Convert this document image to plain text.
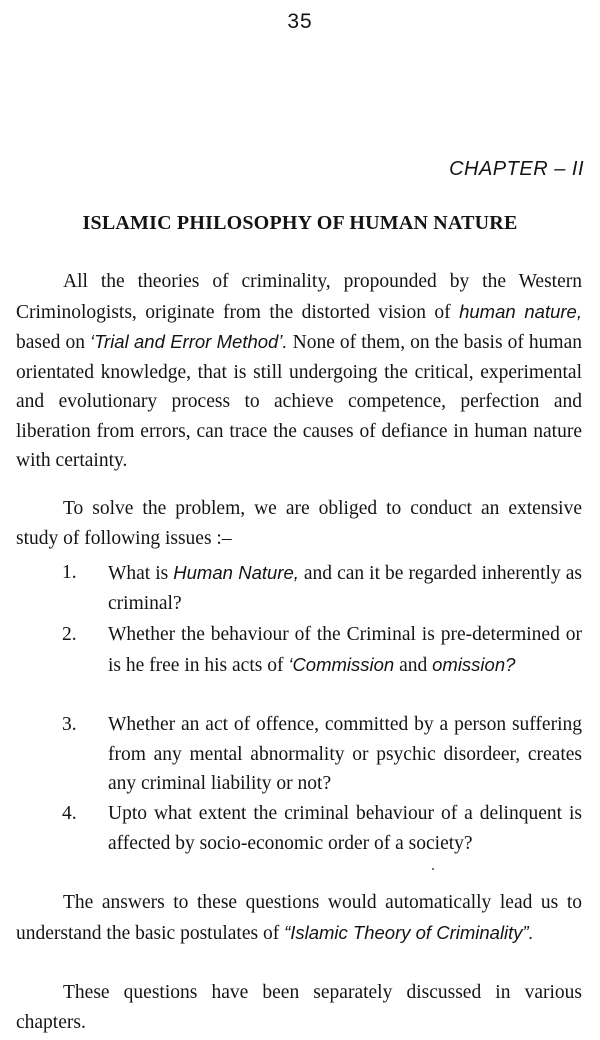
35
CHAPTER – II
ISLAMIC PHILOSOPHY OF HUMAN NATURE

All the theories of criminality, propounded by the Western Criminologists, originate from the distorted vision of human nature, based on ‘Trial and Error Method’. None of them, on the basis of human orientated knowledge, that is still undergoing the critical, experimental and evolutionary process to achieve competence, perfection and liberation from errors, can trace the causes of defiance in human nature with certainty.

To solve the problem, we are obliged to conduct an extensive study of following issues :–

1. What is Human Nature, and can it be regarded inherently as criminal?
2. Whether the behaviour of the Criminal is pre-determined or is he free in his acts of ‘Commission and omission?
3. Whether an act of offence, committed by a person suffering from any mental abnormality or psychic disordeer, creates any criminal liability or not?
4. Upto what extent the criminal behaviour of a delinquent is affected by socio-economic order of a society?

The answers to these questions would automatically lead us to understand the basic postulates of “Islamic Theory of Criminality”.

These questions have been separately discussed in various chapters.
